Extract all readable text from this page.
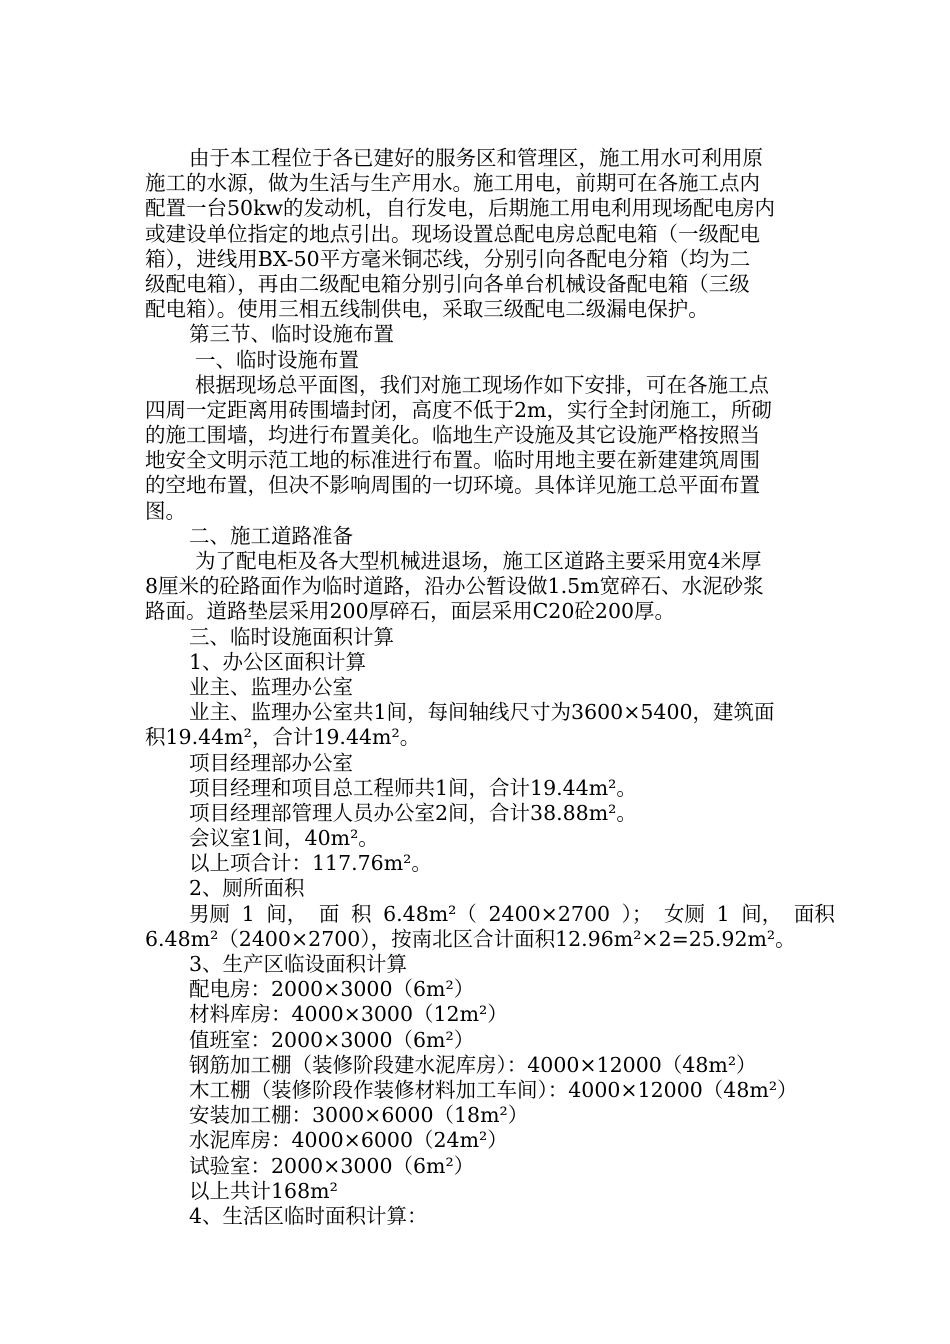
由于本工程位于各已建好的服务区和管理区，施工用水可利用原
施工的水源，做为生活与生产用水。施工用电，前期可在各施工点内
配置一台50kw的发动机，自行发电，后期施工用电利用现场配电房内
或建设单位指定的地点引出。现场设置总配电房总配电箱（一级配电
箱），进线用BX-50平方毫米铜芯线，分别引向各配电分箱（均为二
级配电箱），再由二级配电箱分别引向各单台机械设备配电箱（三级
配电箱）。使用三相五线制供电，采取三级配电二级漏电保护。
第三节、临时设施布置
一、临时设施布置
根据现场总平面图，我们对施工现场作如下安排，可在各施工点
四周一定距离用砖围墙封闭，高度不低于2m，实行全封闭施工，所砌
的施工围墙，均进行布置美化。临地生产设施及其它设施严格按照当
地安全文明示范工地的标准进行布置。临时用地主要在新建建筑周围
的空地布置，但决不影响周围的一切环境。具体详见施工总平面布置
图。
二、施工道路准备
为了配电柜及各大型机械进退场，施工区道路主要采用宽4米厚
8厘米的砼路面作为临时道路，沿办公暂设做1.5m宽碎石、水泥砂浆
路面。道路垫层采用200厚碎石，面层采用C20砼200厚。
三、临时设施面积计算
1、办公区面积计算
业主、监理办公室
业主、监理办公室共1间，每间轴线尺寸为3600×5400，建筑面
积19.44m²，合计19.44m²。
项目经理部办公室
项目经理和项目总工程师共1间，合计19.44m²。
项目经理部管理人员办公室2间，合计38.88m²。
会议室1间，40m²。
以上项合计：117.76m²。
2、厕所面积
男厕 1 间， 面 积 6.48m²（ 2400×2700 ）； 女厕 1 间， 面积
6.48m²（2400×2700），按南北区合计面积12.96m²×2=25.92m²。
3、生产区临设面积计算
配电房：2000×3000（6m²）
材料库房：4000×3000（12m²）
值班室：2000×3000（6m²）
钢筋加工棚（装修阶段建水泥库房）：4000×12000（48m²）
木工棚（装修阶段作装修材料加工车间）：4000×12000（48m²）
安装加工棚：3000×6000（18m²）
水泥库房：4000×6000（24m²）
试验室：2000×3000（6m²）
以上共计168m²
4、生活区临时面积计算：
